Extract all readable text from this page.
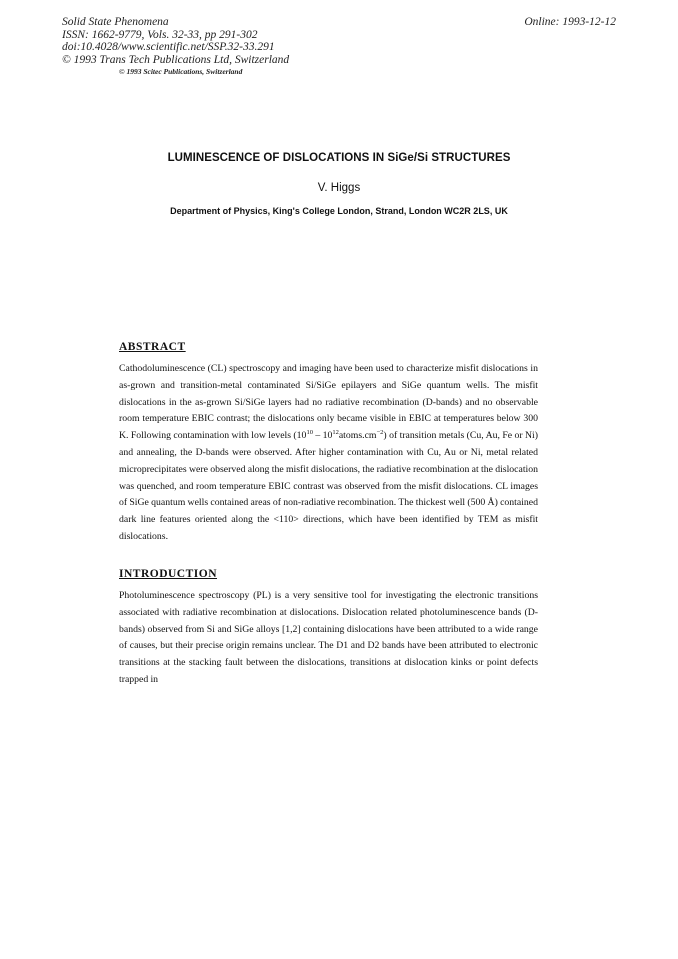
Solid State Phenomena
ISSN: 1662-9779, Vols. 32-33, pp 291-302
doi:10.4028/www.scientific.net/SSP.32-33.291
© 1993 Trans Tech Publications Ltd, Switzerland
Online: 1993-12-12
© 1993 Scitec Publications, Switzerland
LUMINESCENCE OF DISLOCATIONS IN SiGe/Si STRUCTURES
V. Higgs
Department of Physics, King's College London, Strand, London WC2R 2LS, UK
ABSTRACT
Cathodoluminescence (CL) spectroscopy and imaging have been used to characterize misfit dislocations in as-grown and transition-metal contaminated Si/SiGe epilayers and SiGe quantum wells. The misfit dislocations in the as-grown Si/SiGe layers had no radiative recombination (D-bands) and no observable room temperature EBIC contrast; the dislocations only became visible in EBIC at temperatures below 300 K. Following contamination with low levels ($10^{10}$ – $10^{12}atoms.cm^{-2}$) of transition metals (Cu, Au, Fe or Ni) and annealing, the D-bands were observed. After higher contamination with Cu, Au or Ni, metal related microprecipitates were observed along the misfit dislocations, the radiative recombination at the dislocation was quenched, and room temperature EBIC contrast was observed from the misfit dislocations. CL images of SiGe quantum wells contained areas of non-radiative recombination. The thickest well (500 Å) contained dark line features oriented along the <110> directions, which have been identified by TEM as misfit dislocations.
INTRODUCTION
Photoluminescence spectroscopy (PL) is a very sensitive tool for investigating the electronic transitions associated with radiative recombination at dislocations. Dislocation related photoluminescence bands (D-bands) observed from Si and SiGe alloys [1,2] containing dislocations have been attributed to a wide range of causes, but their precise origin remains unclear. The D1 and D2 bands have been attributed to electronic transitions at the stacking fault between the dislocations, transitions at dislocation kinks or point defects trapped in
